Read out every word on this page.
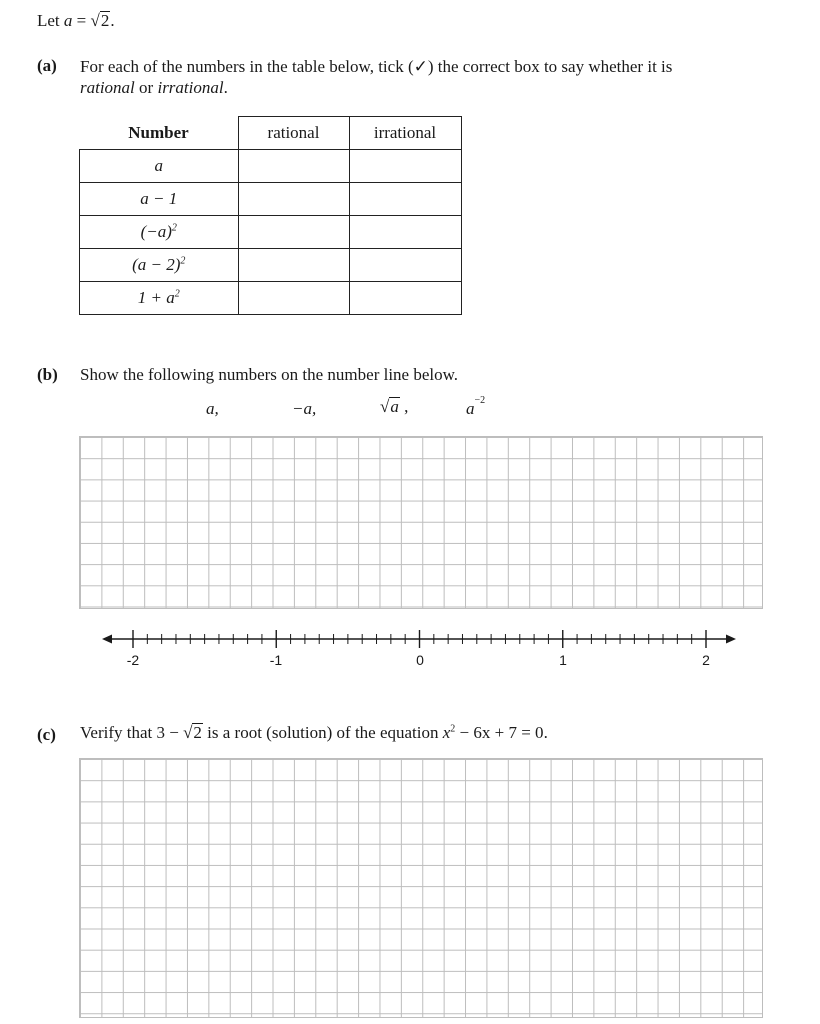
Let a = √2.
(a) For each of the numbers in the table below, tick (✓) the correct box to say whether it is
rational or irrational.
Number	rational	irrational
a		
a − 1		
$(-a)^2$		
$(a - 2)^2$		
$1 + a^2$		
(b) Show the following numbers on the number line below.
a,	−a,	√a ,	$a^{-2}$
-2	-1	0	1	2
(c) Verify that 3 − √2 is a root (solution) of the equation $x^2 - 6x + 7 = 0$.
